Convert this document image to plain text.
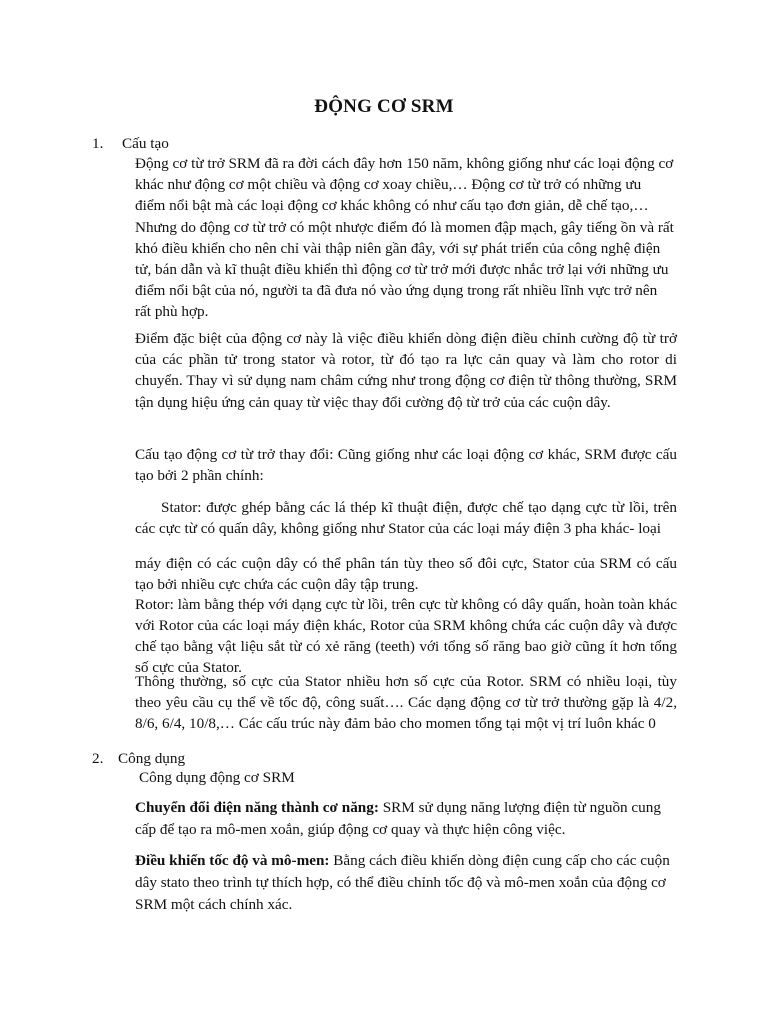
ĐỘNG CƠ SRM
1. Cấu tạo
Động cơ từ trở SRM đã ra đời cách đây hơn 150 năm, không giống như các loại động cơ khác như động cơ một chiều và động cơ xoay chiều,… Động cơ từ trở có những ưu điểm nổi bật mà các loại động cơ khác không có như cấu tạo đơn giản, dễ chế tạo,… Nhưng do động cơ từ trở có một nhược điểm đó là momen đập mạch, gây tiếng ồn và rất khó điều khiển cho nên chỉ vài thập niên gần đây, với sự phát triển của công nghệ điện tử, bán dẫn và kĩ thuật điều khiển thì động cơ từ trở mới được nhắc trở lại với những ưu điểm nổi bật của nó, người ta đã đưa nó vào ứng dụng trong rất nhiều lĩnh vực trở nên rất phù hợp.
Điểm đặc biệt của động cơ này là việc điều khiển dòng điện điều chỉnh cường độ từ trở của các phần tử trong stator và rotor, từ đó tạo ra lực cản quay và làm cho rotor di chuyển. Thay vì sử dụng nam châm cứng như trong động cơ điện từ thông thường, SRM tận dụng hiệu ứng cản quay từ việc thay đổi cường độ từ trở của các cuộn dây.
Cấu tạo động cơ từ trở thay đổi: Cũng giống như các loại động cơ khác, SRM được cấu tạo bởi 2 phần chính:
Stator: được ghép bằng các lá thép kĩ thuật điện, được chế tạo dạng cực từ lồi, trên các cực từ có quấn dây, không giống như Stator của các loại máy điện 3 pha khác- loại
máy điện có các cuộn dây có thể phân tán tùy theo số đôi cực, Stator của SRM có cấu tạo bởi nhiều cực chứa các cuộn dây tập trung.
Rotor: làm bằng thép với dạng cực từ lồi, trên cực từ không có dây quấn, hoàn toàn khác với Rotor của các loại máy điện khác, Rotor của SRM không chứa các cuộn dây và được chế tạo bằng vật liệu sắt từ có xẻ răng (teeth) với tổng số răng bao giờ cũng ít hơn tổng số cực của Stator.
Thông thường, số cực của Stator nhiều hơn số cực của Rotor. SRM có nhiều loại, tùy theo yêu cầu cụ thể về tốc độ, công suất…. Các dạng động cơ từ trở thường gặp là 4/2, 8/6, 6/4, 10/8,… Các cấu trúc này đảm bảo cho momen tổng tại một vị trí luôn khác 0
2. Công dụng
Công dụng động cơ SRM
Chuyển đổi điện năng thành cơ năng: SRM sử dụng năng lượng điện từ nguồn cung cấp để tạo ra mô-men xoắn, giúp động cơ quay và thực hiện công việc.
Điều khiển tốc độ và mô-men: Bằng cách điều khiển dòng điện cung cấp cho các cuộn dây stato theo trình tự thích hợp, có thể điều chỉnh tốc độ và mô-men xoắn của động cơ SRM một cách chính xác.
